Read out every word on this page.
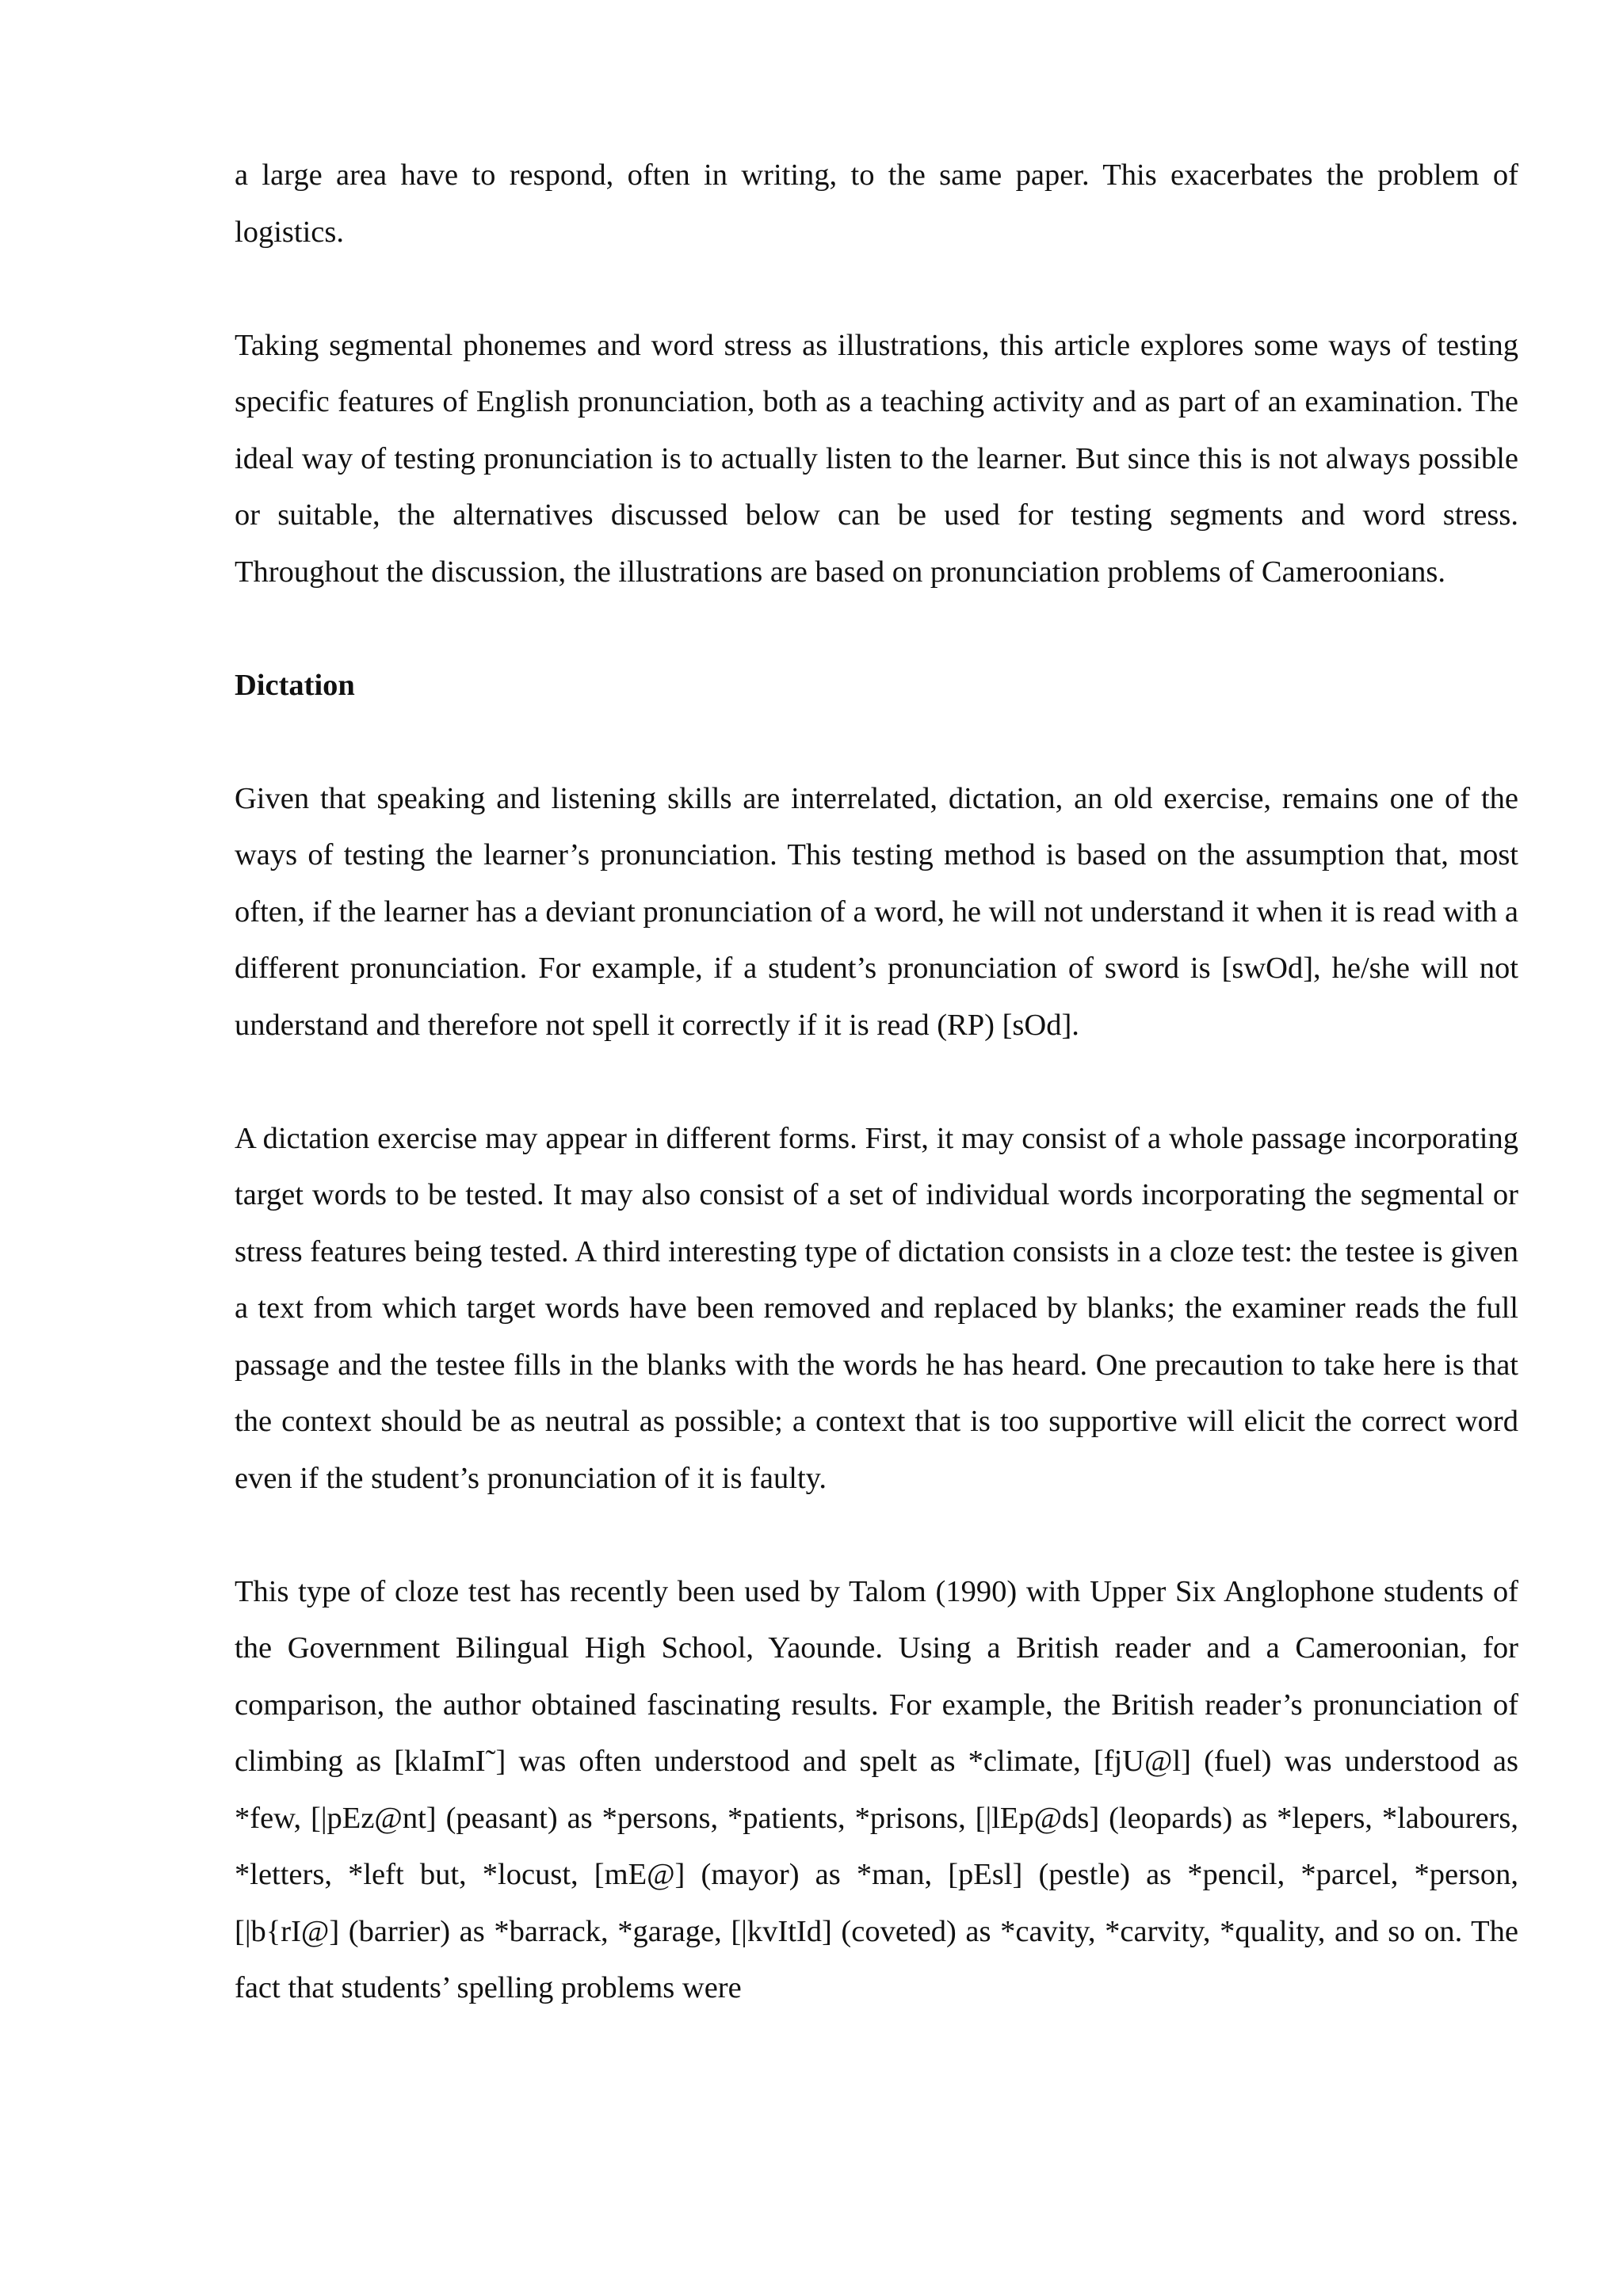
a large area have to respond, often in writing, to the same paper. This exacerbates the problem of logistics.

Taking segmental phonemes and word stress as illustrations, this article explores some ways of testing specific features of English pronunciation, both as a teaching activity and as part of an examination. The ideal way of testing pronunciation is to actually listen to the learner. But since this is not always possible or suitable, the alternatives discussed below can be used for testing segments and word stress. Throughout the discussion, the illustrations are based on pronunciation problems of Cameroonians.

Dictation

Given that speaking and listening skills are interrelated, dictation, an old exercise, remains one of the ways of testing the learner’s pronunciation. This testing method is based on the assumption that, most often, if the learner has a deviant pronunciation of a word, he will not understand it when it is read with a different pronunciation. For example, if a student’s pronunciation of sword is [swOd], he/she will not understand and therefore not spell it correctly if it is read (RP) [sOd].

A dictation exercise may appear in different forms. First, it may consist of a whole passage incorporating target words to be tested. It may also consist of a set of individual words incorporating the segmental or stress features being tested. A third interesting type of dictation consists in a cloze test: the testee is given a text from which target words have been removed and replaced by blanks; the examiner reads the full passage and the testee fills in the blanks with the words he has heard. One precaution to take here is that the context should be as neutral as possible; a context that is too supportive will elicit the correct word even if the student’s pronunciation of it is faulty.

This type of cloze test has recently been used by Talom (1990) with Upper Six Anglophone students of the Government Bilingual High School, Yaounde. Using a British reader and a Cameroonian, for comparison, the author obtained fascinating results. For example, the British reader’s pronunciation of climbing as [klaImI˜] was often understood and spelt as *climate, [fjU@l] (fuel) was understood as *few, [|pEz@nt] (peasant) as *persons, *patients, *prisons, [|lEp@ds] (leopards) as *lepers, *labourers, *letters, *left but, *locust, [mE@] (mayor) as *man, [pEsl] (pestle) as *pencil, *parcel, *person, [|b{rI@] (barrier) as *barrack, *garage, [|kvItId] (coveted) as *cavity, *carvity, *quality, and so on. The fact that students’ spelling problems were
